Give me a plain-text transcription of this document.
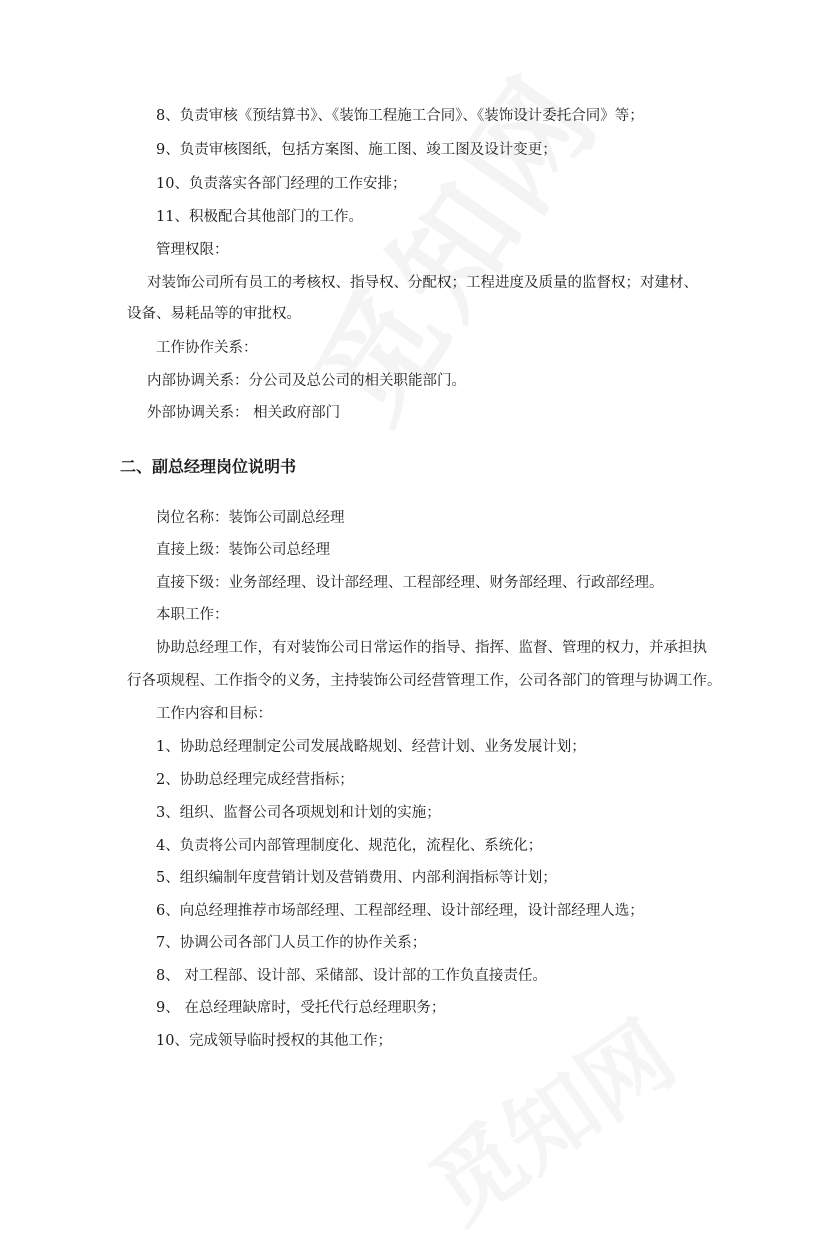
8、负责审核《预结算书》、《装饰工程施工合同》、《装饰设计委托合同》等；
9、负责审核图纸，包括方案图、施工图、竣工图及设计变更；
10、负责落实各部门经理的工作安排；
11、积极配合其他部门的工作。
管理权限：
对装饰公司所有员工的考核权、指导权、分配权；工程进度及质量的监督权；对建材、
设备、易耗品等的审批权。
工作协作关系：
内部协调关系：分公司及总公司的相关职能部门。
外部协调关系： 相关政府部门
二、副总经理岗位说明书
岗位名称：装饰公司副总经理
直接上级：装饰公司总经理
直接下级：业务部经理、设计部经理、工程部经理、财务部经理、行政部经理。
本职工作：
协助总经理工作，有对装饰公司日常运作的指导、指挥、监督、管理的权力，并承担执
行各项规程、工作指令的义务，主持装饰公司经营管理工作，公司各部门的管理与协调工作。
工作内容和目标：
1、协助总经理制定公司发展战略规划、经营计划、业务发展计划；
2、协助总经理完成经营指标；
3、组织、监督公司各项规划和计划的实施；
4、负责将公司内部管理制度化、规范化，流程化、系统化；
5、组织编制年度营销计划及营销费用、内部利润指标等计划；
6、向总经理推荐市场部经理、工程部经理、设计部经理，设计部经理人选；
7、协调公司各部门人员工作的协作关系；
8、 对工程部、设计部、采储部、设计部的工作负直接责任。
9、 在总经理缺席时，受托代行总经理职务；
10、完成领导临时授权的其他工作；
